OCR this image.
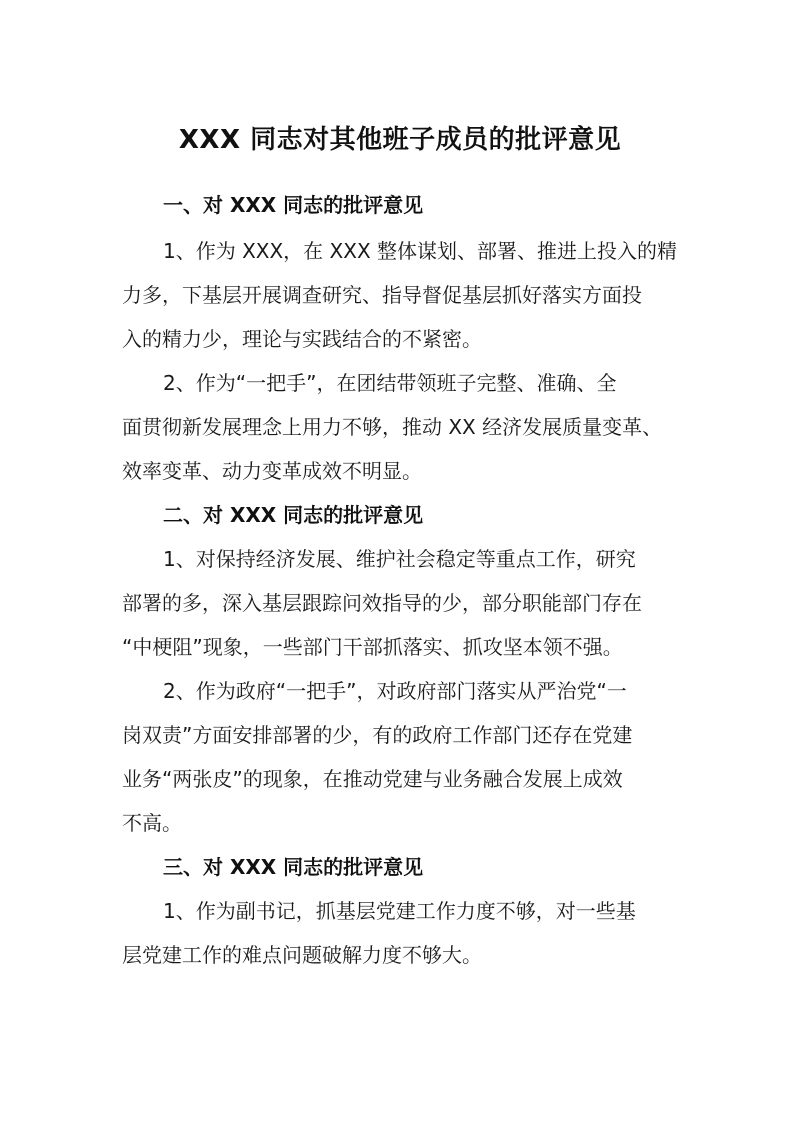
XXX 同志对其他班子成员的批评意见
一、对 XXX 同志的批评意见
1、作为 XXX，在 XXX 整体谋划、部署、推进上投入的精
力多，下基层开展调查研究、指导督促基层抓好落实方面投
入的精力少，理论与实践结合的不紧密。
2、作为“一把手”，在团结带领班子完整、准确、全
面贯彻新发展理念上用力不够，推动 XX 经济发展质量变革、
效率变革、动力变革成效不明显。
二、对 XXX 同志的批评意见
1、对保持经济发展、维护社会稳定等重点工作，研究
部署的多，深入基层跟踪问效指导的少，部分职能部门存在
“中梗阻”现象，一些部门干部抓落实、抓攻坚本领不强。
2、作为政府“一把手”，对政府部门落实从严治党“一
岗双责”方面安排部署的少，有的政府工作部门还存在党建
业务“两张皮”的现象，在推动党建与业务融合发展上成效
不高。
三、对 XXX 同志的批评意见
1、作为副书记，抓基层党建工作力度不够，对一些基
层党建工作的难点问题破解力度不够大。
